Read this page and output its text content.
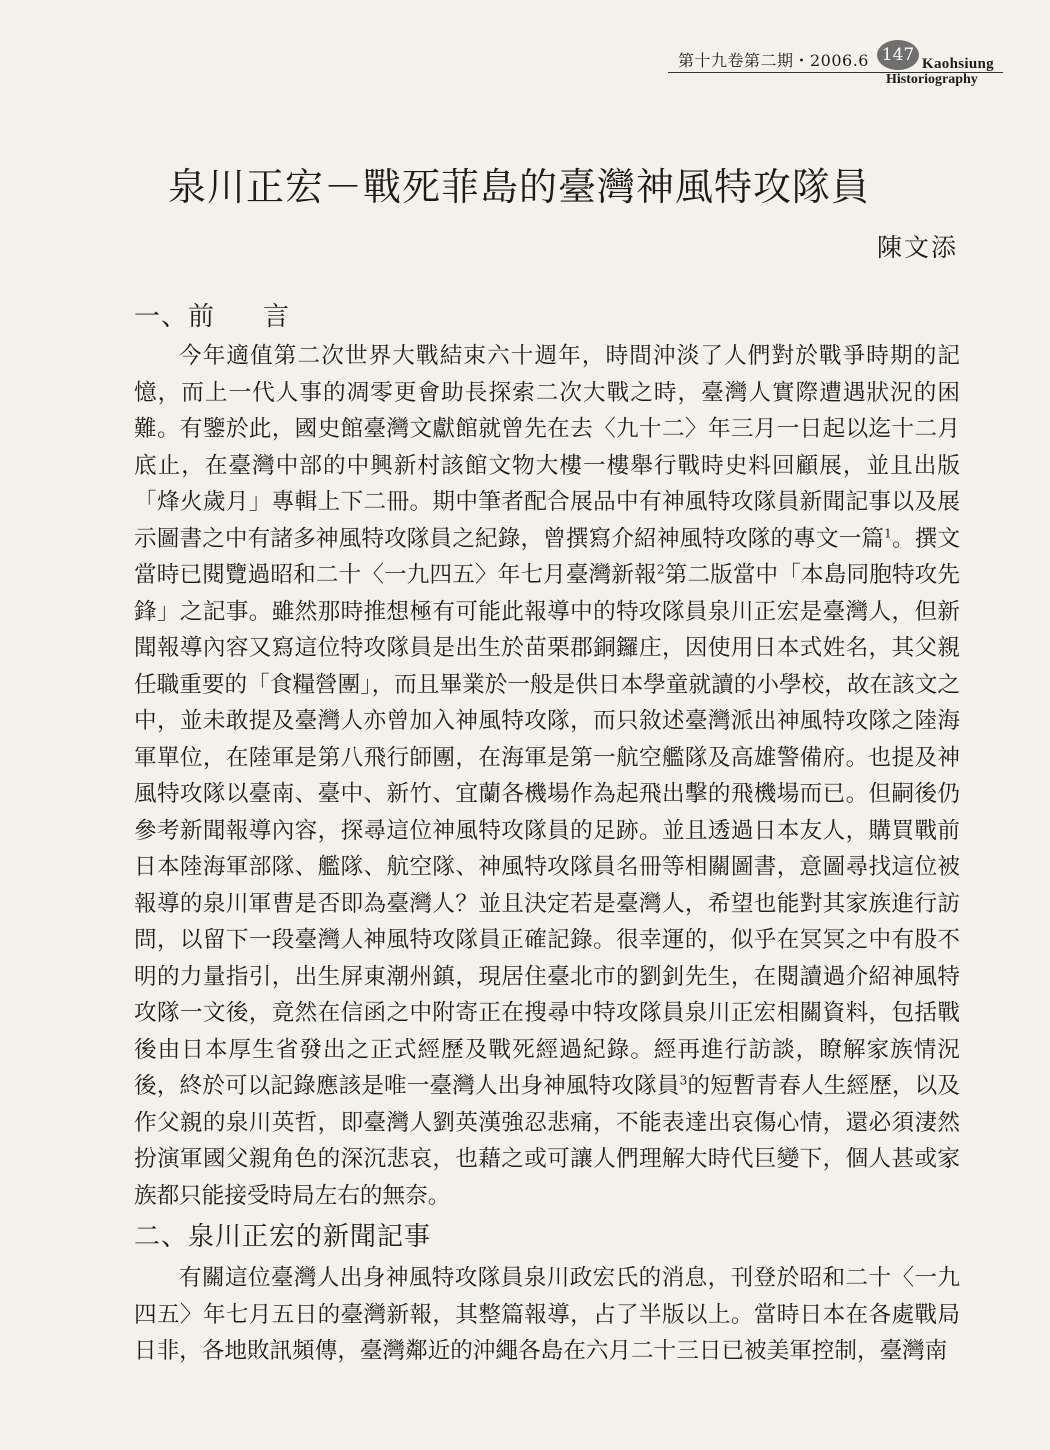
第十九卷第二期・2006.6 147 Kaohsiung
Historiography
泉川正宏－戰死菲島的臺灣神風特攻隊員
陳文添
一、前 言

今年適值第二次世界大戰結束六十週年，時間沖淡了人們對於戰爭時期的記憶，而上一代人事的凋零更會助長探索二次大戰之時，臺灣人實際遭遇狀況的困難。有鑒於此，國史館臺灣文獻館就曾先在去〈九十二〉年三月一日起以迄十二月底止，在臺灣中部的中興新村該館文物大樓一樓舉行戰時史料回顧展，並且出版「烽火歲月」專輯上下二冊。期中筆者配合展品中有神風特攻隊員新聞記事以及展示圖書之中有諸多神風特攻隊員之紀錄，曾撰寫介紹神風特攻隊的專文一篇$^1$。撰文當時已閱覽過昭和二十〈一九四五〉年七月臺灣新報$^2$第二版當中「本島同胞特攻先鋒」之記事。雖然那時推想極有可能此報導中的特攻隊員泉川正宏是臺灣人，但新聞報導內容又寫這位特攻隊員是出生於苗栗郡銅鑼庄，因使用日本式姓名，其父親任職重要的「食糧營團」，而且畢業於一般是供日本學童就讀的小學校，故在該文之中，並未敢提及臺灣人亦曾加入神風特攻隊，而只敘述臺灣派出神風特攻隊之陸海軍單位，在陸軍是第八飛行師團，在海軍是第一航空艦隊及高雄警備府。也提及神風特攻隊以臺南、臺中、新竹、宜蘭各機場作為起飛出擊的飛機場而已。但嗣後仍參考新聞報導內容，探尋這位神風特攻隊員的足跡。並且透過日本友人，購買戰前日本陸海軍部隊、艦隊、航空隊、神風特攻隊員名冊等相關圖書，意圖尋找這位被報導的泉川軍曹是否即為臺灣人？並且決定若是臺灣人，希望也能對其家族進行訪問，以留下一段臺灣人神風特攻隊員正確記錄。很幸運的，似乎在冥冥之中有股不明的力量指引，出生屏東潮州鎮，現居住臺北市的劉釗先生，在閱讀過介紹神風特攻隊一文後，竟然在信函之中附寄正在搜尋中特攻隊員泉川正宏相關資料，包括戰後由日本厚生省發出之正式經歷及戰死經過紀錄。經再進行訪談，瞭解家族情況後，終於可以記錄應該是唯一臺灣人出身神風特攻隊員$^3$的短暫青春人生經歷，以及作父親的泉川英哲，即臺灣人劉英漢強忍悲痛，不能表達出哀傷心情，還必須淒然扮演軍國父親角色的深沉悲哀，也藉之或可讓人們理解大時代巨變下，個人甚或家族都只能接受時局左右的無奈。

二、泉川正宏的新聞記事

有關這位臺灣人出身神風特攻隊員泉川政宏氏的消息，刊登於昭和二十〈一九四五〉年七月五日的臺灣新報，其整篇報導，占了半版以上。當時日本在各處戰局日非，各地敗訊頻傳，臺灣鄰近的沖繩各島在六月二十三日已被美軍控制，臺灣南
